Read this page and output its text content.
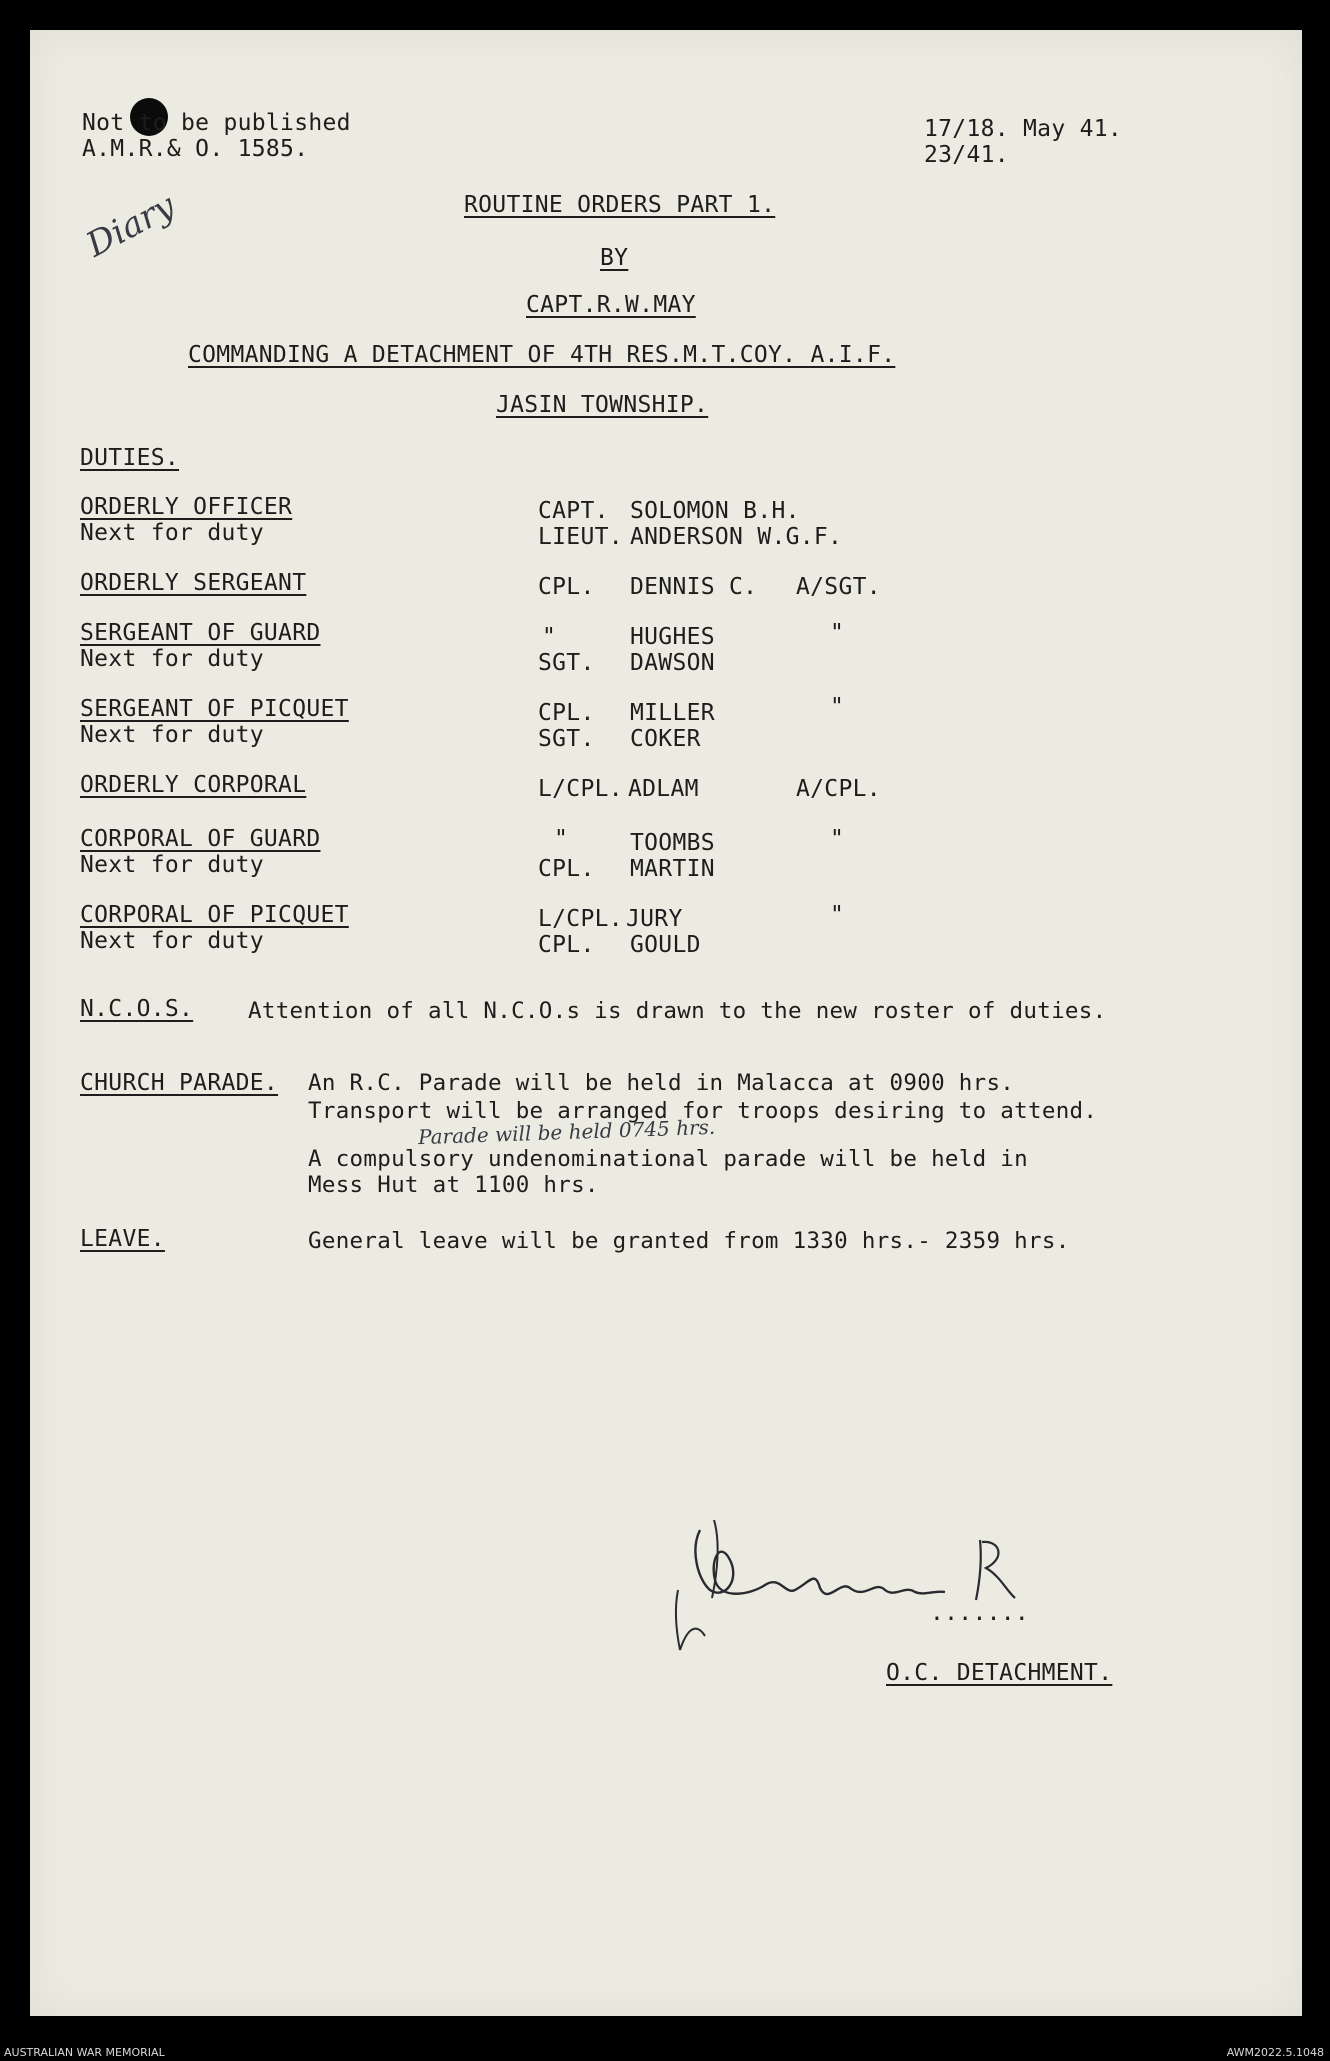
Not to be published
A.M.R.& O. 1585.
17/18. May 41.
23/41.
Diary	ROUTINE ORDERS PART 1.
BY
CAPT.R.W.MAY
COMMANDING A DETACHMENT OF 4TH RES.M.T.COY. A.I.F.
JASIN TOWNSHIP.
DUTIES.
ORDERLY OFFICER	CAPT. SOLOMON B.H.
Next for duty	LIEUT. ANDERSON W.G.F.
ORDERLY SERGEANT	CPL. DENNIS C. A/SGT.
SERGEANT OF GUARD	"	HUGHES	"
Next for duty	SGT. DAWSON
SERGEANT OF PICQUET	CPL. MILLER	"
Next for duty	SGT. COKER
ORDERLY CORPORAL	L/CPL. ADLAM	A/CPL.
CORPORAL OF GUARD	"	TOOMBS	"
Next for duty	CPL. MARTIN
CORPORAL OF PICQUET	L/CPL. JURY	"
Next for duty	CPL. GOULD
N.C.O.S. Attention of all N.C.O.s is drawn to the new roster of duties.
CHURCH PARADE. An R.C. Parade will be held in Malacca at 0900 hrs.
Transport will be arranged for troops desiring to attend.
Parade will be held 0745 hrs.
A compulsory undenominational parade will be held in
Mess Hut at 1100 hrs.
LEAVE.	General leave will be granted from 1330 hrs.- 2359 hrs.
.......
O.C. DETACHMENT.
AUSTRALIAN WAR MEMORIAL	AWM2022.5.1048
